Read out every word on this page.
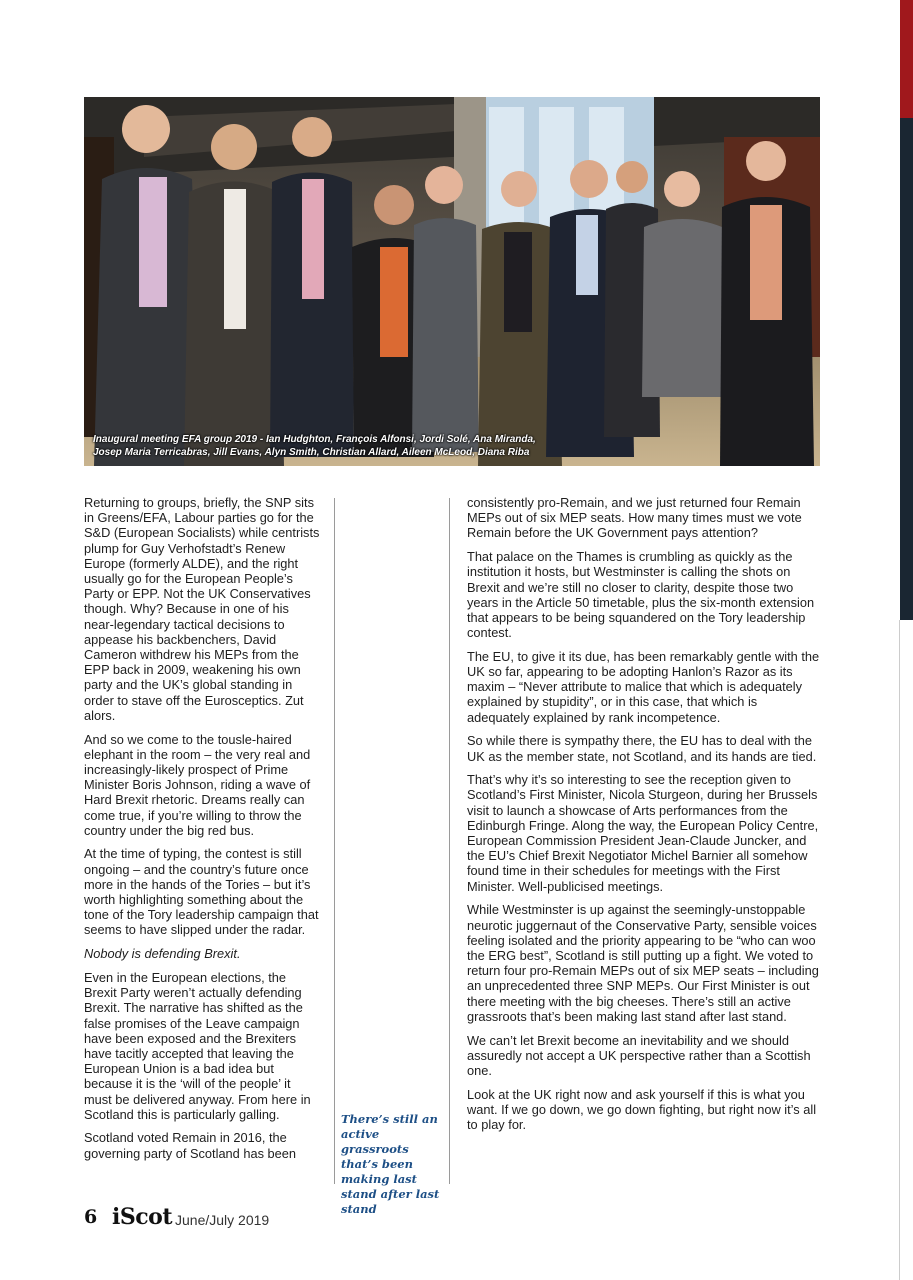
Inaugural meeting EFA group 2019 - Ian Hudghton, François Alfonsi, Jordi Solé, Ana Miranda,
Josep Maria Terricabras, Jill Evans, Alyn Smith, Christian Allard, Aileen McLeod, Diana Riba

Returning to groups, briefly, the SNP sits in Greens/EFA, Labour parties go for the S&D (European Socialists) while centrists plump for Guy Verhofstadt’s Renew Europe (formerly ALDE), and the right usually go for the European People’s Party or EPP. Not the UK Conservatives though. Why? Because in one of his near-legendary tactical decisions to appease his backbenchers, David Cameron withdrew his MEPs from the EPP back in 2009, weakening his own party and the UK’s global standing in order to stave off the Eurosceptics. Zut alors.

And so we come to the tousle-haired elephant in the room – the very real and increasingly-likely prospect of Prime Minister Boris Johnson, riding a wave of Hard Brexit rhetoric. Dreams really can come true, if you’re willing to throw the country under the big red bus.

At the time of typing, the contest is still ongoing – and the country’s future once more in the hands of the Tories – but it’s worth highlighting something about the tone of the Tory leadership campaign that seems to have slipped under the radar.

Nobody is defending Brexit.

Even in the European elections, the Brexit Party weren’t actually defending Brexit. The narrative has shifted as the false promises of the Leave campaign have been exposed and the Brexiters have tacitly accepted that leaving the European Union is a bad idea but because it is the ‘will of the people’ it must be delivered anyway. From here in Scotland this is particularly galling.

Scotland voted Remain in 2016, the governing party of Scotland has been

There’s still an active grassroots that’s been making last stand after last stand

consistently pro-Remain, and we just returned four Remain MEPs out of six MEP seats. How many times must we vote Remain before the UK Government pays attention?

That palace on the Thames is crumbling as quickly as the institution it hosts, but Westminster is calling the shots on Brexit and we’re still no closer to clarity, despite those two years in the Article 50 timetable, plus the six-month extension that appears to be being squandered on the Tory leadership contest.

The EU, to give it its due, has been remarkably gentle with the UK so far, appearing to be adopting Hanlon’s Razor as its maxim – “Never attribute to malice that which is adequately explained by stupidity”, or in this case, that which is adequately explained by rank incompetence.

So while there is sympathy there, the EU has to deal with the UK as the member state, not Scotland, and its hands are tied.

That’s why it’s so interesting to see the reception given to Scotland’s First Minister, Nicola Sturgeon, during her Brussels visit to launch a showcase of Arts performances from the Edinburgh Fringe. Along the way, the European Policy Centre, European Commission President Jean-Claude Juncker, and the EU’s Chief Brexit Negotiator Michel Barnier all somehow found time in their schedules for meetings with the First Minister. Well-publicised meetings.

While Westminster is up against the seemingly-unstoppable neurotic juggernaut of the Conservative Party, sensible voices feeling isolated and the priority appearing to be “who can woo the ERG best”, Scotland is still putting up a fight. We voted to return four pro-Remain MEPs out of six MEP seats – including an unprecedented three SNP MEPs. Our First Minister is out there meeting with the big cheeses. There’s still an active grassroots that’s been making last stand after last stand.

We can’t let Brexit become an inevitability and we should assuredly not accept a UK perspective rather than a Scottish one.

Look at the UK right now and ask yourself if this is what you want. If we go down, we go down fighting, but right now it’s all to play for.

6 iScot June/July 2019
